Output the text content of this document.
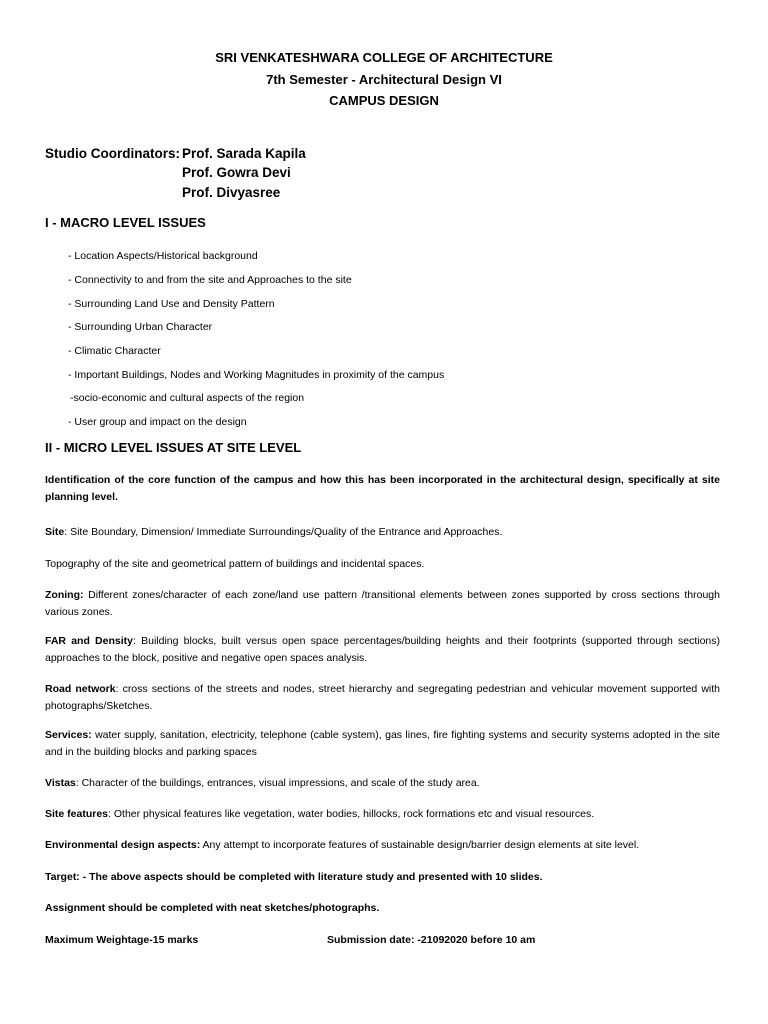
SRI VENKATESHWARA COLLEGE OF ARCHITECTURE
7th Semester - Architectural Design VI
CAMPUS DESIGN
Studio Coordinators: -
Prof. Sarada Kapila
Prof. Gowra Devi
Prof. Divyasree
I - MACRO LEVEL ISSUES
- Location Aspects/Historical background
- Connectivity to and from the site and Approaches to the site
- Surrounding Land Use and Density Pattern
- Surrounding Urban Character
- Climatic Character
- Important Buildings, Nodes and Working Magnitudes in proximity of the campus
-socio-economic and cultural aspects of the region
- User group and impact on the design
II - MICRO LEVEL ISSUES AT SITE LEVEL
Identification of the core function of the campus and how this has been incorporated in the architectural design, specifically at site planning level.
Site: Site Boundary, Dimension/ Immediate Surroundings/Quality of the Entrance and Approaches.
Topography of the site and geometrical pattern of buildings and incidental spaces.
Zoning: Different zones/character of each zone/land use pattern /transitional elements between zones supported by cross sections through various zones.
FAR and Density: Building blocks, built versus open space percentages/building heights and their footprints (supported through sections) approaches to the block, positive and negative open spaces analysis.
Road network: cross sections of the streets and nodes, street hierarchy and segregating pedestrian and vehicular movement supported with photographs/Sketches.
Services: water supply, sanitation, electricity, telephone (cable system), gas lines, fire fighting systems and security systems adopted in the site and in the building blocks and parking spaces
Vistas: Character of the buildings, entrances, visual impressions, and scale of the study area.
Site features: Other physical features like vegetation, water bodies, hillocks, rock formations etc and visual resources.
Environmental design aspects: Any attempt to incorporate features of sustainable design/barrier design elements at site level.
Target: - The above aspects should be completed with literature study and presented with 10 slides.
Assignment should be completed with neat sketches/photographs.
Maximum Weightage-15 marks	Submission date: -21092020 before 10 am
